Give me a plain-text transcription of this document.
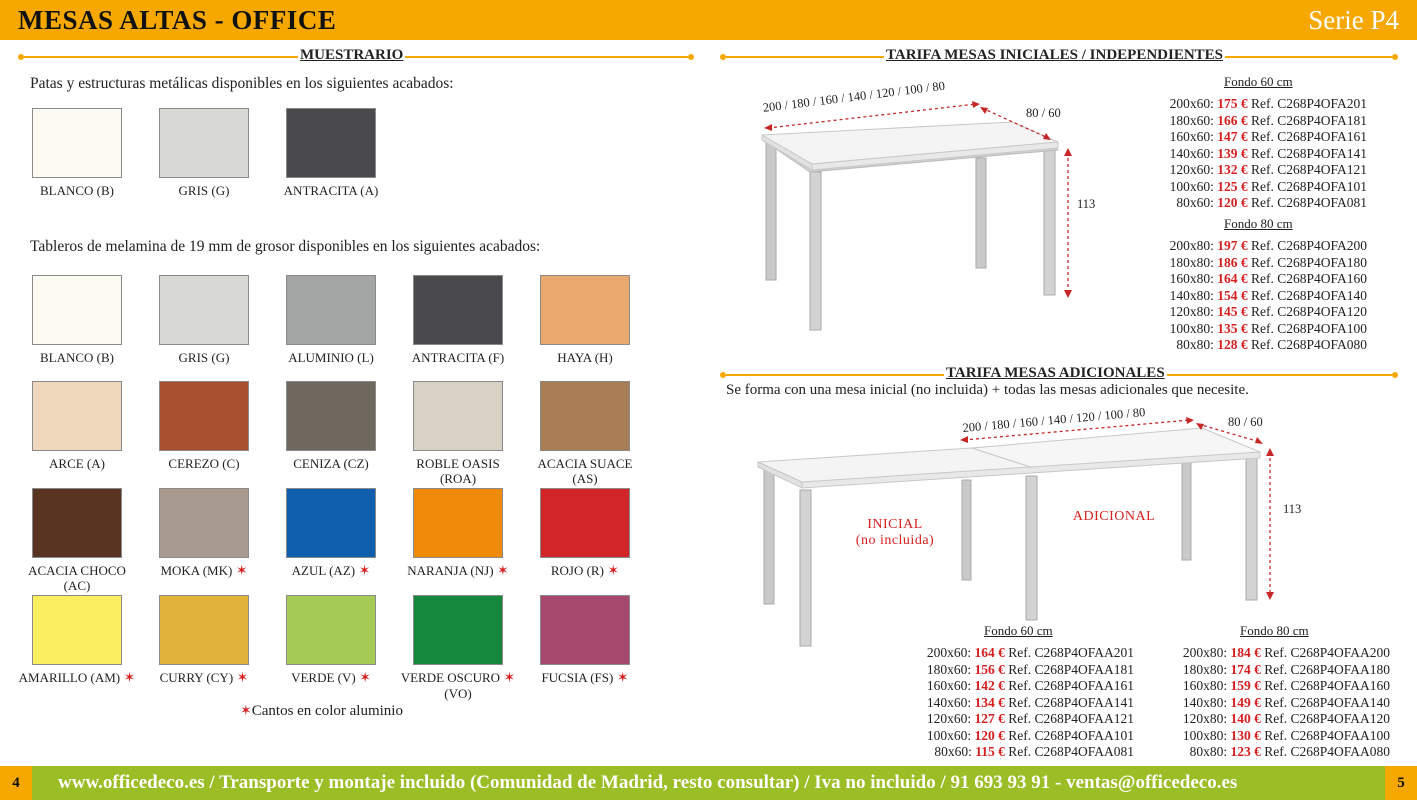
MESAS ALTAS - OFFICE	Serie P4
MUESTRARIO
Patas y estructuras metálicas disponibles en los siguientes acabados:
BLANCO (B)	GRIS (G)	ANTRACITA (A)
Tableros de melamina de 19 mm de grosor disponibles en los siguientes acabados:
BLANCO (B)	GRIS (G)	ALUMINIO (L)	ANTRACITA (F)	HAYA (H)
ARCE (A)	CEREZO (C)	CENIZA (CZ)	ROBLE OASIS
(ROA)
ACACIA SUACE
(AS)
ACACIA CHOCO
(AC)
MOKA (MK) ✶	AZUL (AZ) ✶	NARANJA (NJ) ✶	ROJO (R) ✶
AMARILLO (AM) ✶	CURRY (CY) ✶	VERDE (V) ✶	VERDE OSCURO ✶
(VO)
FUCSIA (FS) ✶
✶Cantos en color aluminio
TARIFA MESAS INICIALES / INDEPENDIENTES
200 / 180 / 160 / 140 / 120 / 100 / 80	80 / 60
113
Fondo 60 cm
200x60: 175 € Ref. C268P4OFA201
180x60: 166 € Ref. C268P4OFA181
160x60: 147 € Ref. C268P4OFA161
140x60: 139 € Ref. C268P4OFA141
120x60: 132 € Ref. C268P4OFA121
100x60: 125 € Ref. C268P4OFA101
80x60: 120 € Ref. C268P4OFA081
Fondo 80 cm
200x80: 197 € Ref. C268P4OFA200
180x80: 186 € Ref. C268P4OFA180
160x80: 164 € Ref. C268P4OFA160
140x80: 154 € Ref. C268P4OFA140
120x80: 145 € Ref. C268P4OFA120
100x80: 135 € Ref. C268P4OFA100
80x80: 128 € Ref. C268P4OFA080
TARIFA MESAS ADICIONALES
Se forma con una mesa inicial (no incluida) + todas las mesas adicionales que necesite.
200 / 180 / 160 / 140 / 120 / 100 / 80	80 / 60
113
INICIAL
(no incluida)
ADICIONAL
Fondo 60 cm
200x60: 164 € Ref. C268P4OFAA201
180x60: 156 € Ref. C268P4OFAA181
160x60: 142 € Ref. C268P4OFAA161
140x60: 134 € Ref. C268P4OFAA141
120x60: 127 € Ref. C268P4OFAA121
100x60: 120 € Ref. C268P4OFAA101
80x60: 115 € Ref. C268P4OFAA081
Fondo 80 cm
200x80: 184 € Ref. C268P4OFAA200
180x80: 174 € Ref. C268P4OFAA180
160x80: 159 € Ref. C268P4OFAA160
140x80: 149 € Ref. C268P4OFAA140
120x80: 140 € Ref. C268P4OFAA120
100x80: 130 € Ref. C268P4OFAA100
80x80: 123 € Ref. C268P4OFAA080
4	5
www.officedeco.es / Transporte y montaje incluido (Comunidad de Madrid, resto consultar) / Iva no incluido / 91 693 93 91 - ventas@officedeco.es
